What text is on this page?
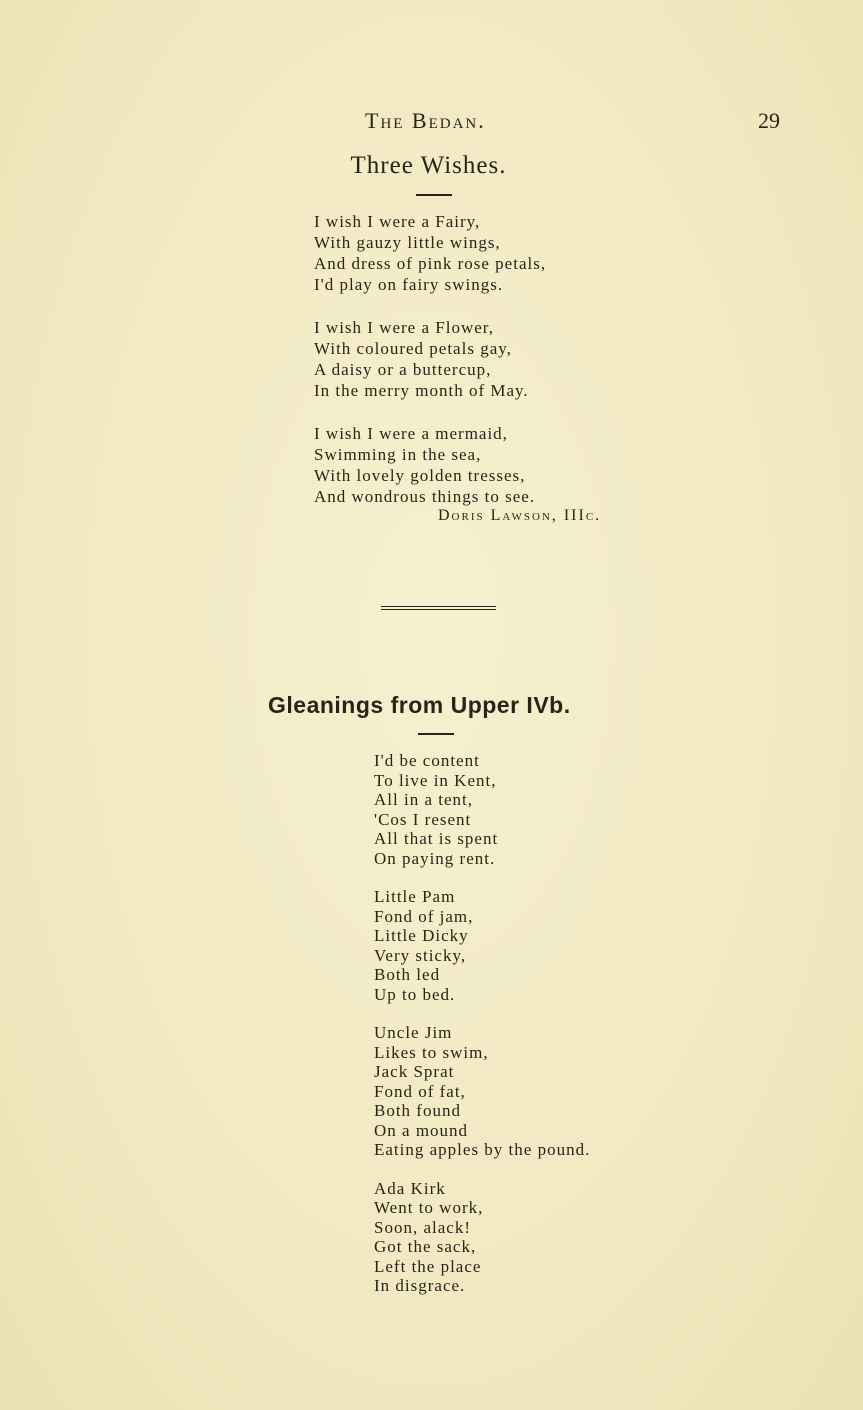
The Bedan.	29
Three Wishes.

I wish I were a Fairy,
With gauzy little wings,
And dress of pink rose petals,
I'd play on fairy swings.

I wish I were a Flower,
With coloured petals gay,
A daisy or a buttercup,
In the merry month of May.

I wish I were a mermaid,
Swimming in the sea,
With lovely golden tresses,
And wondrous things to see.

Doris Lawson, IIIc.
Gleanings from Upper IVb.

I'd be content
To live in Kent,
All in a tent,
'Cos I resent
All that is spent
On paying rent.

Little Pam
Fond of jam,
Little Dicky
Very sticky,
Both led
Up to bed.

Uncle Jim
Likes to swim,
Jack Sprat
Fond of fat,
Both found
On a mound
Eating apples by the pound.

Ada Kirk
Went to work,
Soon, alack!
Got the sack,
Left the place
In disgrace.
